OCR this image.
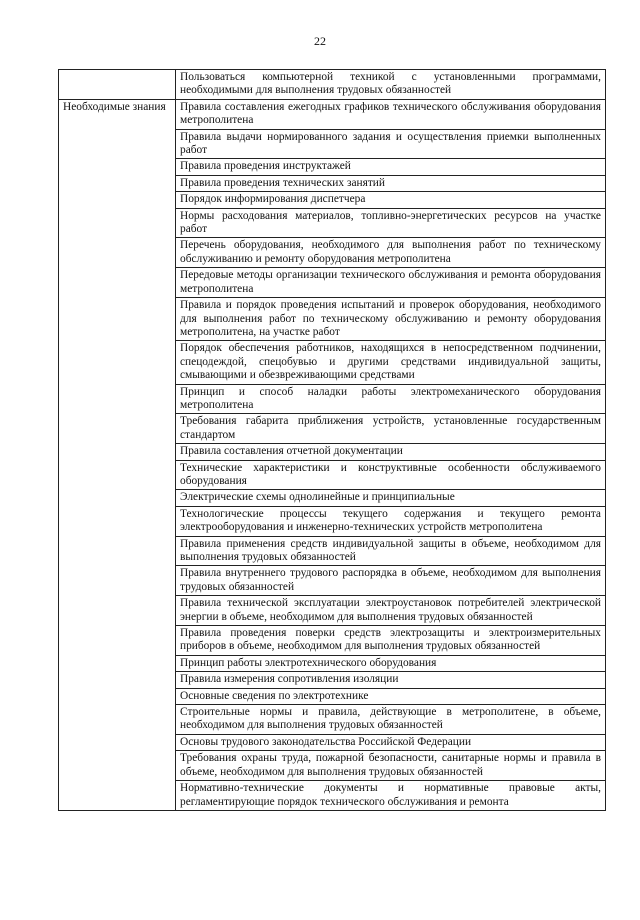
22
	Пользоваться компьютерной техникой с установленными программами, необходимыми для выполнения трудовых обязанностей
Необходимые знания	Правила составления ежегодных графиков технического обслуживания оборудования метрополитена
	Правила выдачи нормированного задания и осуществления приемки выполненных работ
	Правила проведения инструктажей
	Правила проведения технических занятий
	Порядок информирования диспетчера
	Нормы расходования материалов, топливно-энергетических ресурсов на участке работ
	Перечень оборудования, необходимого для выполнения работ по техническому обслуживанию и ремонту оборудования метрополитена
	Передовые методы организации технического обслуживания и ремонта оборудования метрополитена
	Правила и порядок проведения испытаний и проверок оборудования, необходимого для выполнения работ по техническому обслуживанию и ремонту оборудования метрополитена, на участке работ
	Порядок обеспечения работников, находящихся в непосредственном подчинении, спецодеждой, спецобувью и другими средствами индивидуальной защиты, смывающими и обезвреживающими средствами
	Принцип и способ наладки работы электромеханического оборудования метрополитена
	Требования габарита приближения устройств, установленные государственным стандартом
	Правила составления отчетной документации
	Технические характеристики и конструктивные особенности обслуживаемого оборудования
	Электрические схемы однолинейные и принципиальные
	Технологические процессы текущего содержания и текущего ремонта электрооборудования и инженерно-технических устройств метрополитена
	Правила применения средств индивидуальной защиты в объеме, необходимом для выполнения трудовых обязанностей
	Правила внутреннего трудового распорядка в объеме, необходимом для выполнения трудовых обязанностей
	Правила технической эксплуатации электроустановок потребителей электрической энергии в объеме, необходимом для выполнения трудовых обязанностей
	Правила проведения поверки средств электрозащиты и электроизмерительных приборов в объеме, необходимом для выполнения трудовых обязанностей
	Принцип работы электротехнического оборудования
	Правила измерения сопротивления изоляции
	Основные сведения по электротехнике
	Строительные нормы и правила, действующие в метрополитене, в объеме, необходимом для выполнения трудовых обязанностей
	Основы трудового законодательства Российской Федерации
	Требования охраны труда, пожарной безопасности, санитарные нормы и правила в объеме, необходимом для выполнения трудовых обязанностей
	Нормативно-технические документы и нормативные правовые акты, регламентирующие порядок технического обслуживания и ремонта
